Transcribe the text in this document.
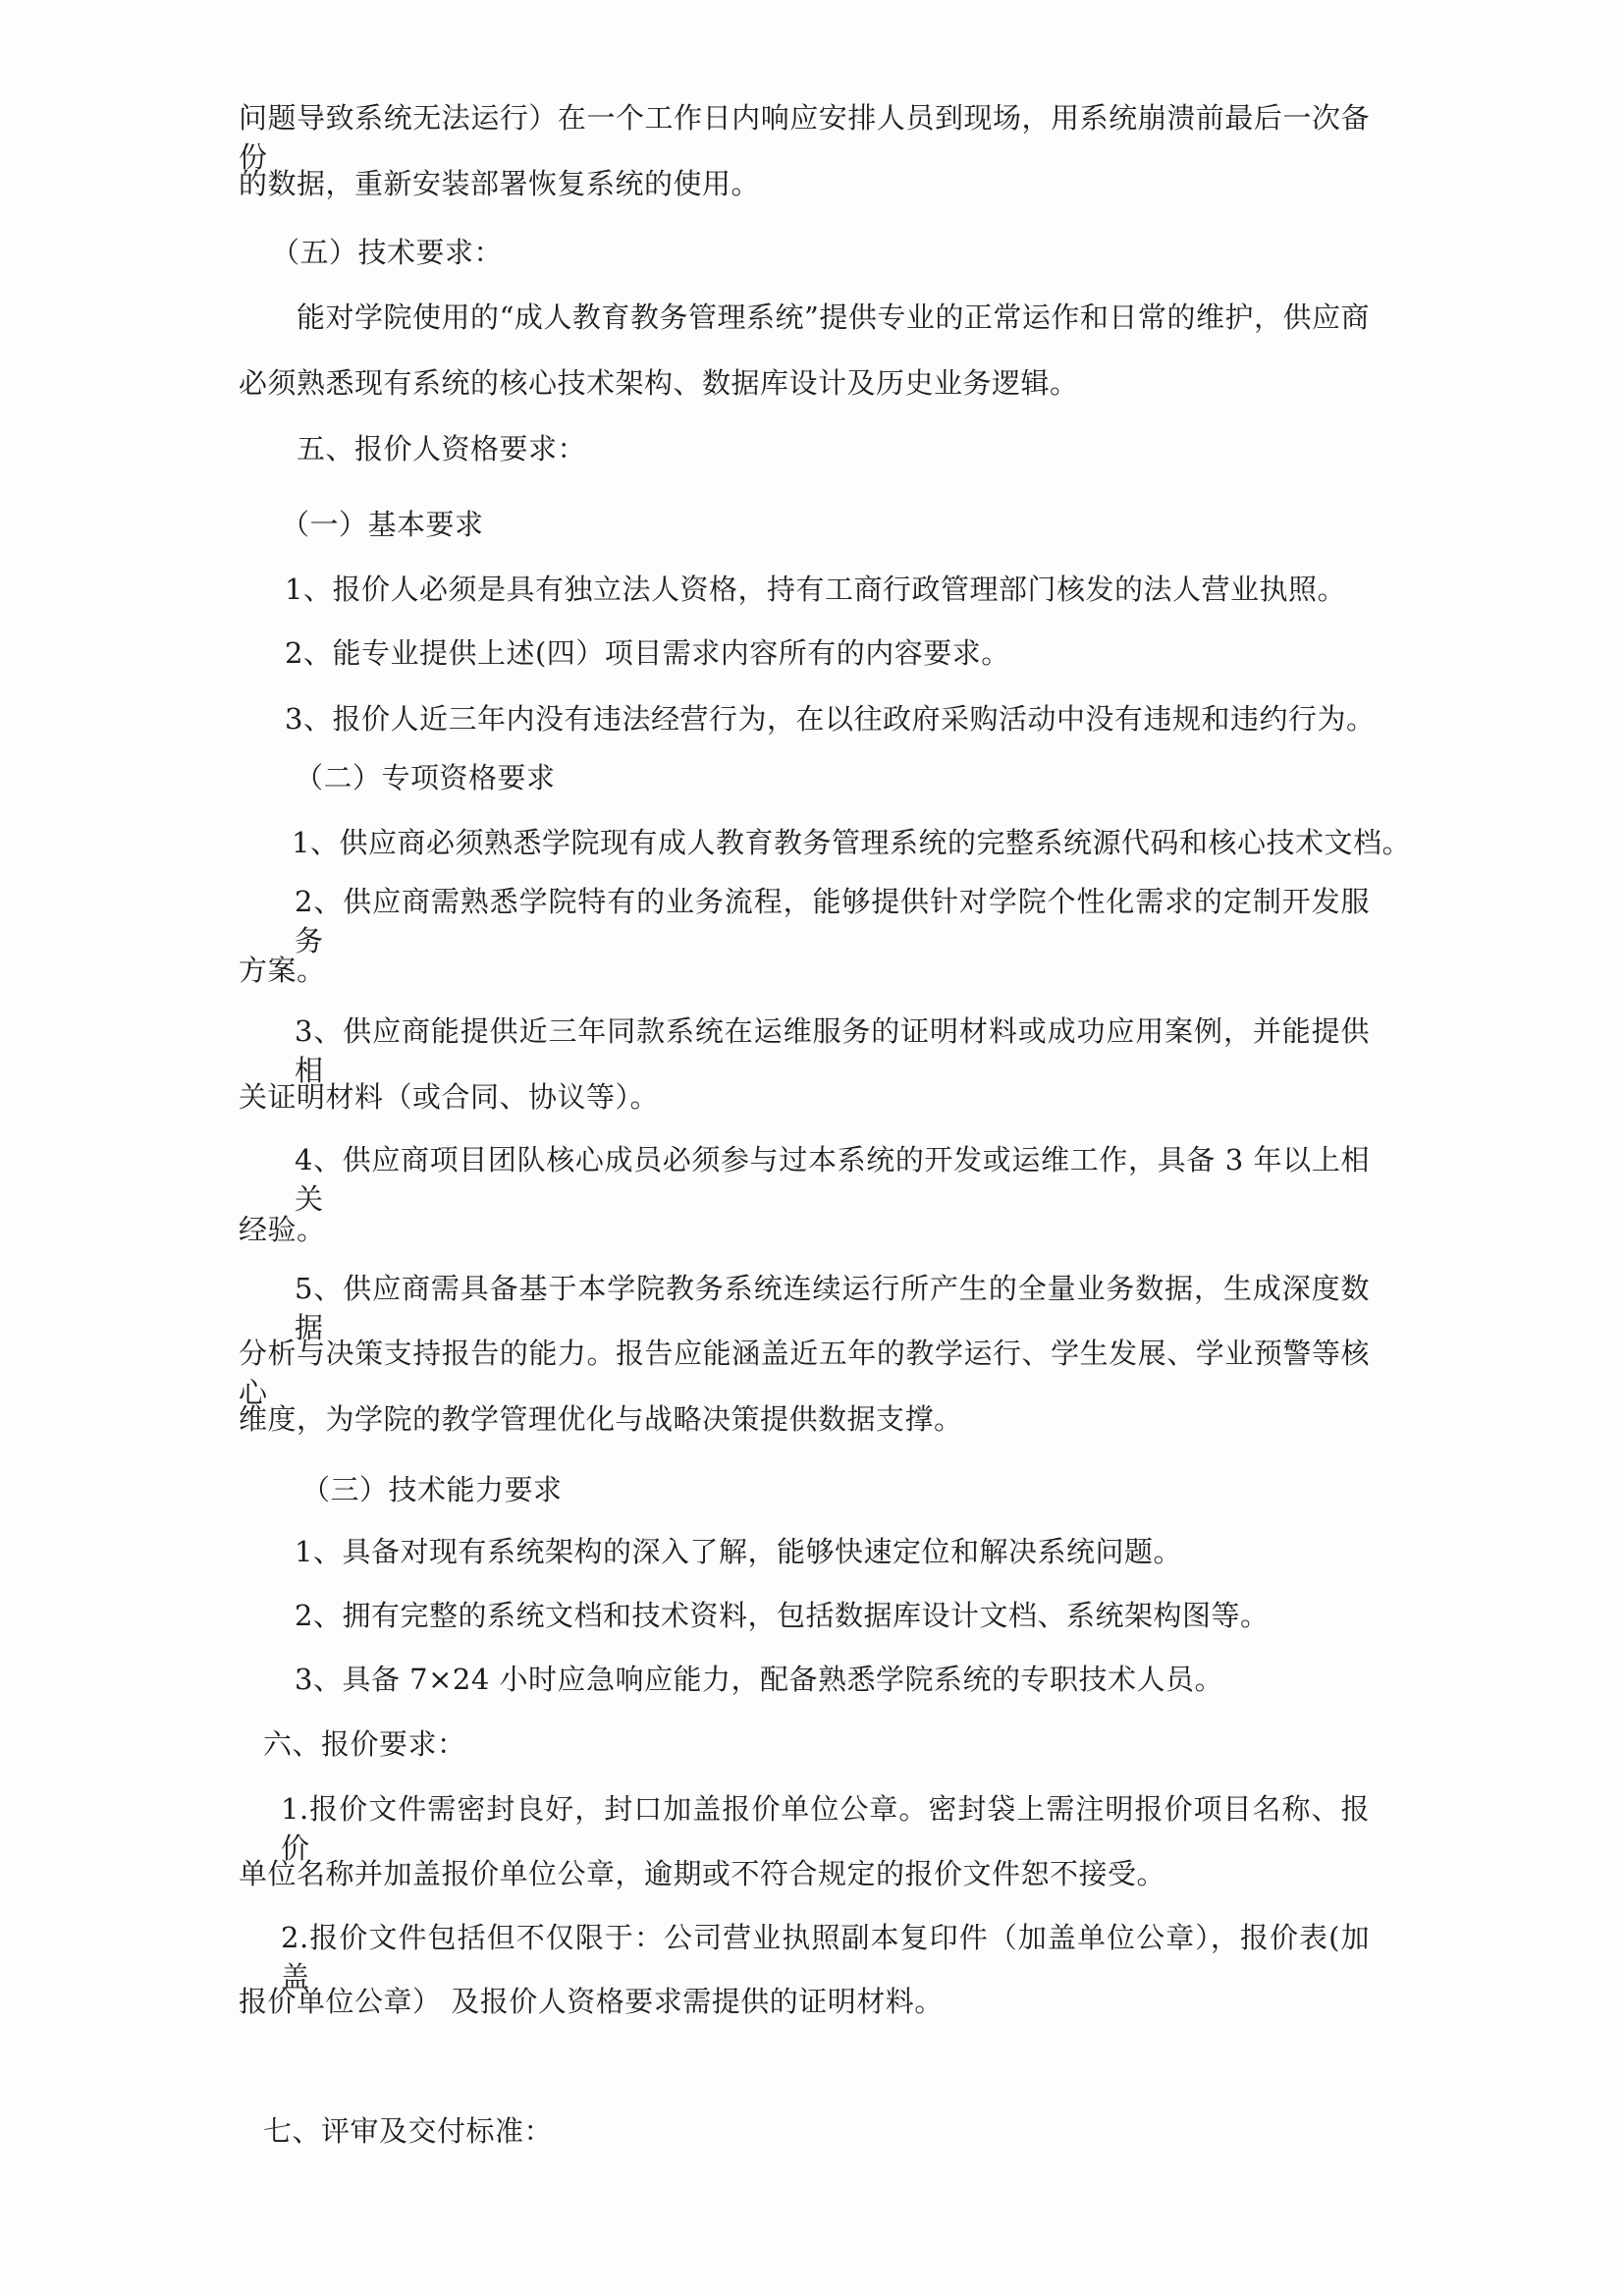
问题导致系统无法运行）在一个工作日内响应安排人员到现场，用系统崩溃前最后一次备份
的数据，重新安装部署恢复系统的使用。
（五）技术要求：
能对学院使用的“成人教育教务管理系统”提供专业的正常运作和日常的维护，供应商
必须熟悉现有系统的核心技术架构、数据库设计及历史业务逻辑。
五、报价人资格要求：
（一）基本要求
1、报价人必须是具有独立法人资格，持有工商行政管理部门核发的法人营业执照。
2、能专业提供上述(四）项目需求内容所有的内容要求。
3、报价人近三年内没有违法经营行为，在以往政府采购活动中没有违规和违约行为。
（二）专项资格要求
1、供应商必须熟悉学院现有成人教育教务管理系统的完整系统源代码和核心技术文档。
2、供应商需熟悉学院特有的业务流程，能够提供针对学院个性化需求的定制开发服务
方案。
3、供应商能提供近三年同款系统在运维服务的证明材料或成功应用案例，并能提供相
关证明材料（或合同、协议等）。
4、供应商项目团队核心成员必须参与过本系统的开发或运维工作，具备 3 年以上相关
经验。
5、供应商需具备基于本学院教务系统连续运行所产生的全量业务数据，生成深度数据
分析与决策支持报告的能力。报告应能涵盖近五年的教学运行、学生发展、学业预警等核心
维度，为学院的教学管理优化与战略决策提供数据支撑。
（三）技术能力要求
1、具备对现有系统架构的深入了解，能够快速定位和解决系统问题。
2、拥有完整的系统文档和技术资料，包括数据库设计文档、系统架构图等。
3、具备 7×24 小时应急响应能力，配备熟悉学院系统的专职技术人员。
六、报价要求：
1.报价文件需密封良好，封口加盖报价单位公章。密封袋上需注明报价项目名称、报价
单位名称并加盖报价单位公章，逾期或不符合规定的报价文件恕不接受。
2.报价文件包括但不仅限于：公司营业执照副本复印件（加盖单位公章），报价表(加盖
报价单位公章） 及报价人资格要求需提供的证明材料。
七、评审及交付标准：
